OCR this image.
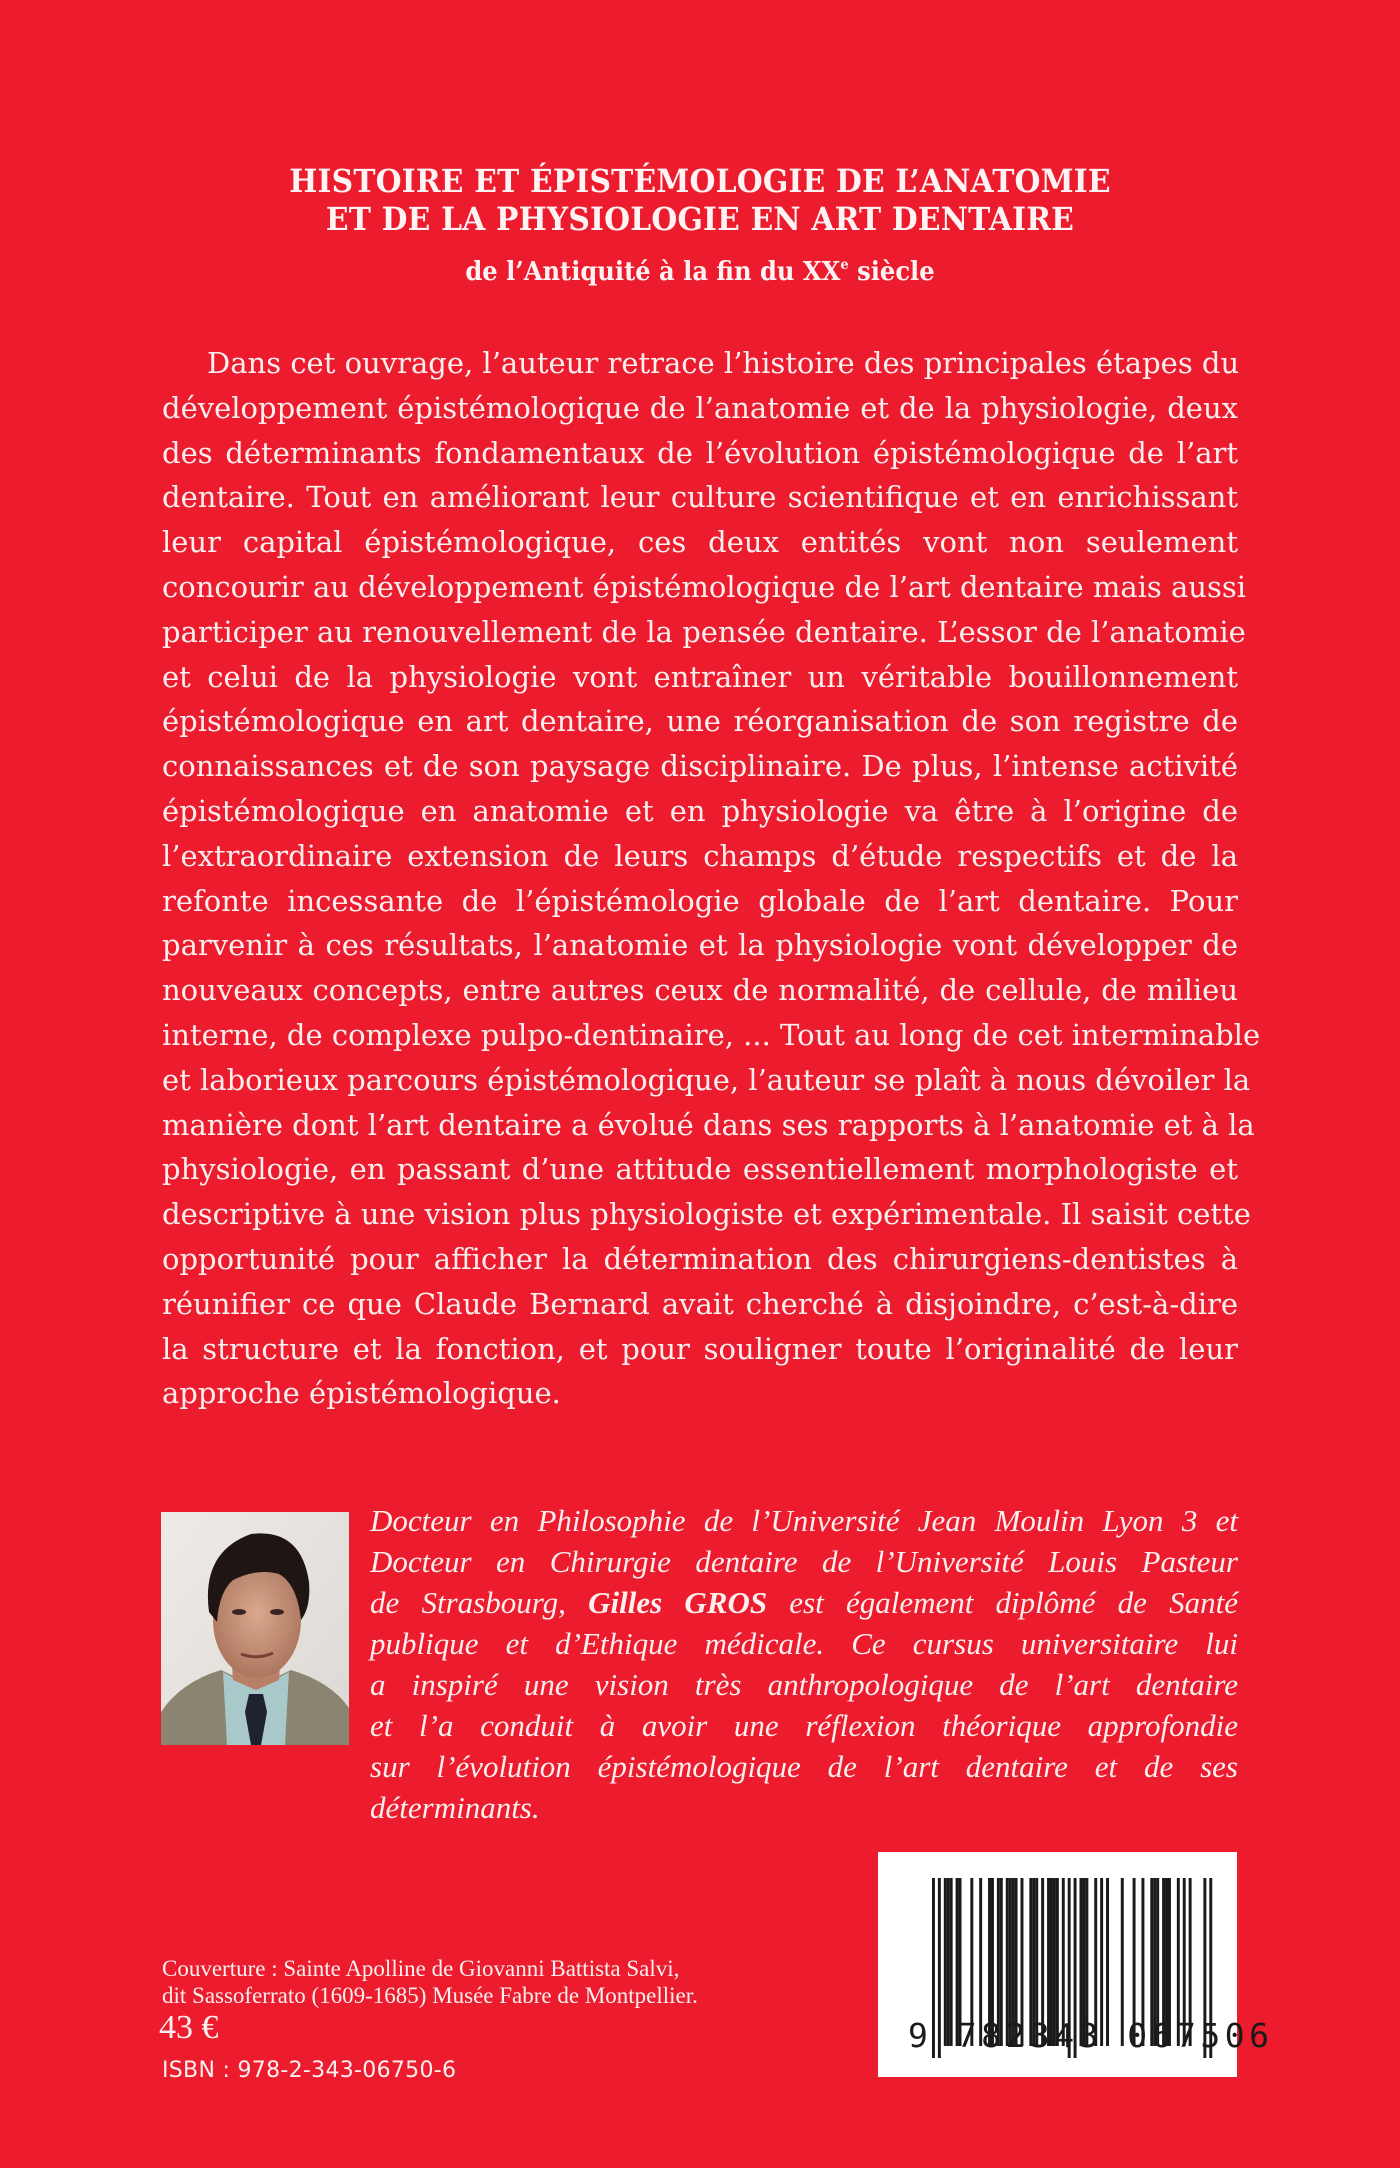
HISTOIRE ET ÉPISTÉMOLOGIE DE L’ANATOMIE
ET DE LA PHYSIOLOGIE EN ART DENTAIRE
de l’Antiquité à la fin du XXe siècle
Dans cet ouvrage, l’auteur retrace l’histoire des principales étapes du
développement épistémologique de l’anatomie et de la physiologie, deux
des déterminants fondamentaux de l’évolution épistémologique de l’art
dentaire. Tout en améliorant leur culture scientifique et en enrichissant
leur capital épistémologique, ces deux entités vont non seulement
concourir au développement épistémologique de l’art dentaire mais aussi
participer au renouvellement de la pensée dentaire. L’essor de l’anatomie
et celui de la physiologie vont entraîner un véritable bouillonnement
épistémologique en art dentaire, une réorganisation de son registre de
connaissances et de son paysage disciplinaire. De plus, l’intense activité
épistémologique en anatomie et en physiologie va être à l’origine de
l’extraordinaire extension de leurs champs d’étude respectifs et de la
refonte incessante de l’épistémologie globale de l’art dentaire. Pour
parvenir à ces résultats, l’anatomie et la physiologie vont développer de
nouveaux concepts, entre autres ceux de normalité, de cellule, de milieu
interne, de complexe pulpo-dentinaire, ... Tout au long de cet interminable
et laborieux parcours épistémologique, l’auteur se plaît à nous dévoiler la
manière dont l’art dentaire a évolué dans ses rapports à l’anatomie et à la
physiologie, en passant d’une attitude essentiellement morphologiste et
descriptive à une vision plus physiologiste et expérimentale. Il saisit cette
opportunité pour afficher la détermination des chirurgiens-dentistes à
réunifier ce que Claude Bernard avait cherché à disjoindre, c’est-à-dire
la structure et la fonction, et pour souligner toute l’originalité de leur
approche épistémologique.
Docteur en Philosophie de l’Université Jean Moulin Lyon 3 et
Docteur en Chirurgie dentaire de l’Université Louis Pasteur
de Strasbourg, Gilles GROS est également diplômé de Santé
publique et d’Ethique médicale. Ce cursus universitaire lui
a inspiré une vision très anthropologique de l’art dentaire
et l’a conduit à avoir une réflexion théorique approfondie
sur l’évolution épistémologique de l’art dentaire et de ses
déterminants.
Couverture : Sainte Apolline de Giovanni Battista Salvi,
dit Sassoferrato (1609-1685) Musée Fabre de Montpellier.
43 €
ISBN : 978-2-343-06750-6
9 782343 067506
